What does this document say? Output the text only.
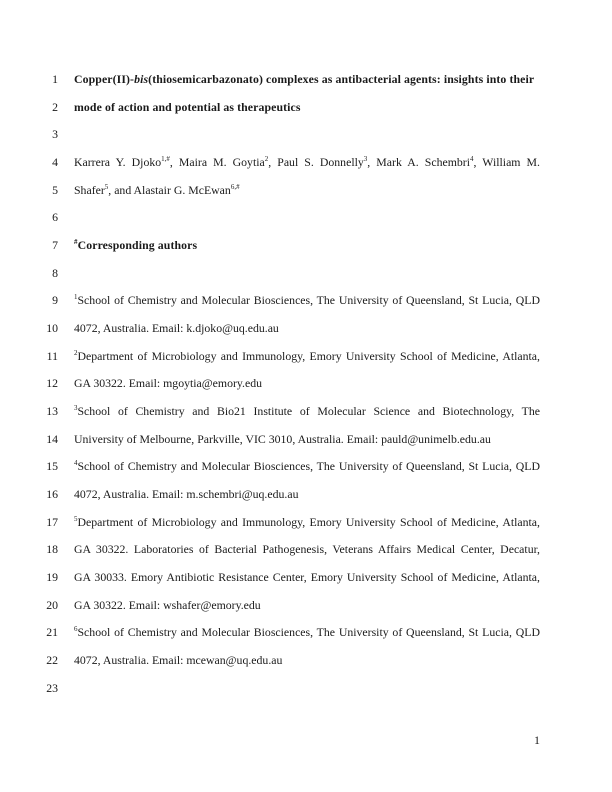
1
2
3
4
5
6
7
8
9
10
11
12
13
14
15
16
17
18
19
20
21
22
23
Copper(II)-bis(thiosemicarbazonato) complexes as antibacterial agents: insights into their
mode of action and potential as therapeutics
Karrera Y. Djoko$^{1,\#}$, Maira M. Goytia$^2$, Paul S. Donnelly$^3$, Mark A. Schembri$^4$, William M.
Shafer$^5$, and Alastair G. McEwan$^{6,\#}$
#Corresponding authors
$^1$School of Chemistry and Molecular Biosciences, The University of Queensland, St Lucia, QLD
4072, Australia. Email: k.djoko@uq.edu.au
$^2$Department of Microbiology and Immunology, Emory University School of Medicine, Atlanta,
GA 30322. Email: mgoytia@emory.edu
$^3$School of Chemistry and Bio21 Institute of Molecular Science and Biotechnology, The
University of Melbourne, Parkville, VIC 3010, Australia. Email: pauld@unimelb.edu.au
$^4$School of Chemistry and Molecular Biosciences, The University of Queensland, St Lucia, QLD
4072, Australia. Email: m.schembri@uq.edu.au
$^5$Department of Microbiology and Immunology, Emory University School of Medicine, Atlanta,
GA 30322. Laboratories of Bacterial Pathogenesis, Veterans Affairs Medical Center, Decatur,
GA 30033. Emory Antibiotic Resistance Center, Emory University School of Medicine, Atlanta,
GA 30322. Email: wshafer@emory.edu
$^6$School of Chemistry and Molecular Biosciences, The University of Queensland, St Lucia, QLD
4072, Australia. Email: mcewan@uq.edu.au
1
